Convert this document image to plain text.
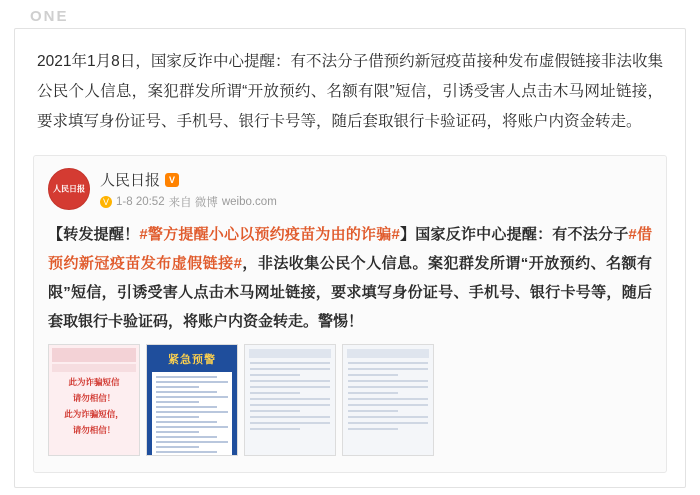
ONE
2021年1月8日，国家反诈中心提醒：有不法分子借预约新冠疫苗接种发布虚假链接非法收集公民个人信息，案犯群发所谓“开放预约、名额有限”短信，引诱受害人点击木马网址链接，要求填写身份证号、手机号、银行卡号等，随后套取银行卡验证码，将账户内资金转走。
人民日报 人民日报 V
V 1-8 20:52 来自 微博 weibo.com
【转发提醒！#警方提醒小心以预约疫苗为由的诈骗#】国家反诈中心提醒：有不法分子#借预约新冠疫苗发布虚假链接#，非法收集公民个人信息。案犯群发所谓“开放预约、名额有限”短信，引诱受害人点击木马网址链接，要求填写身份证号、手机号、银行卡号等，随后套取银行卡验证码，将账户内资金转走。警惕！
此为诈骗短信
请勿相信！
此为诈骗短信，
请勿相信！
紧急预警
